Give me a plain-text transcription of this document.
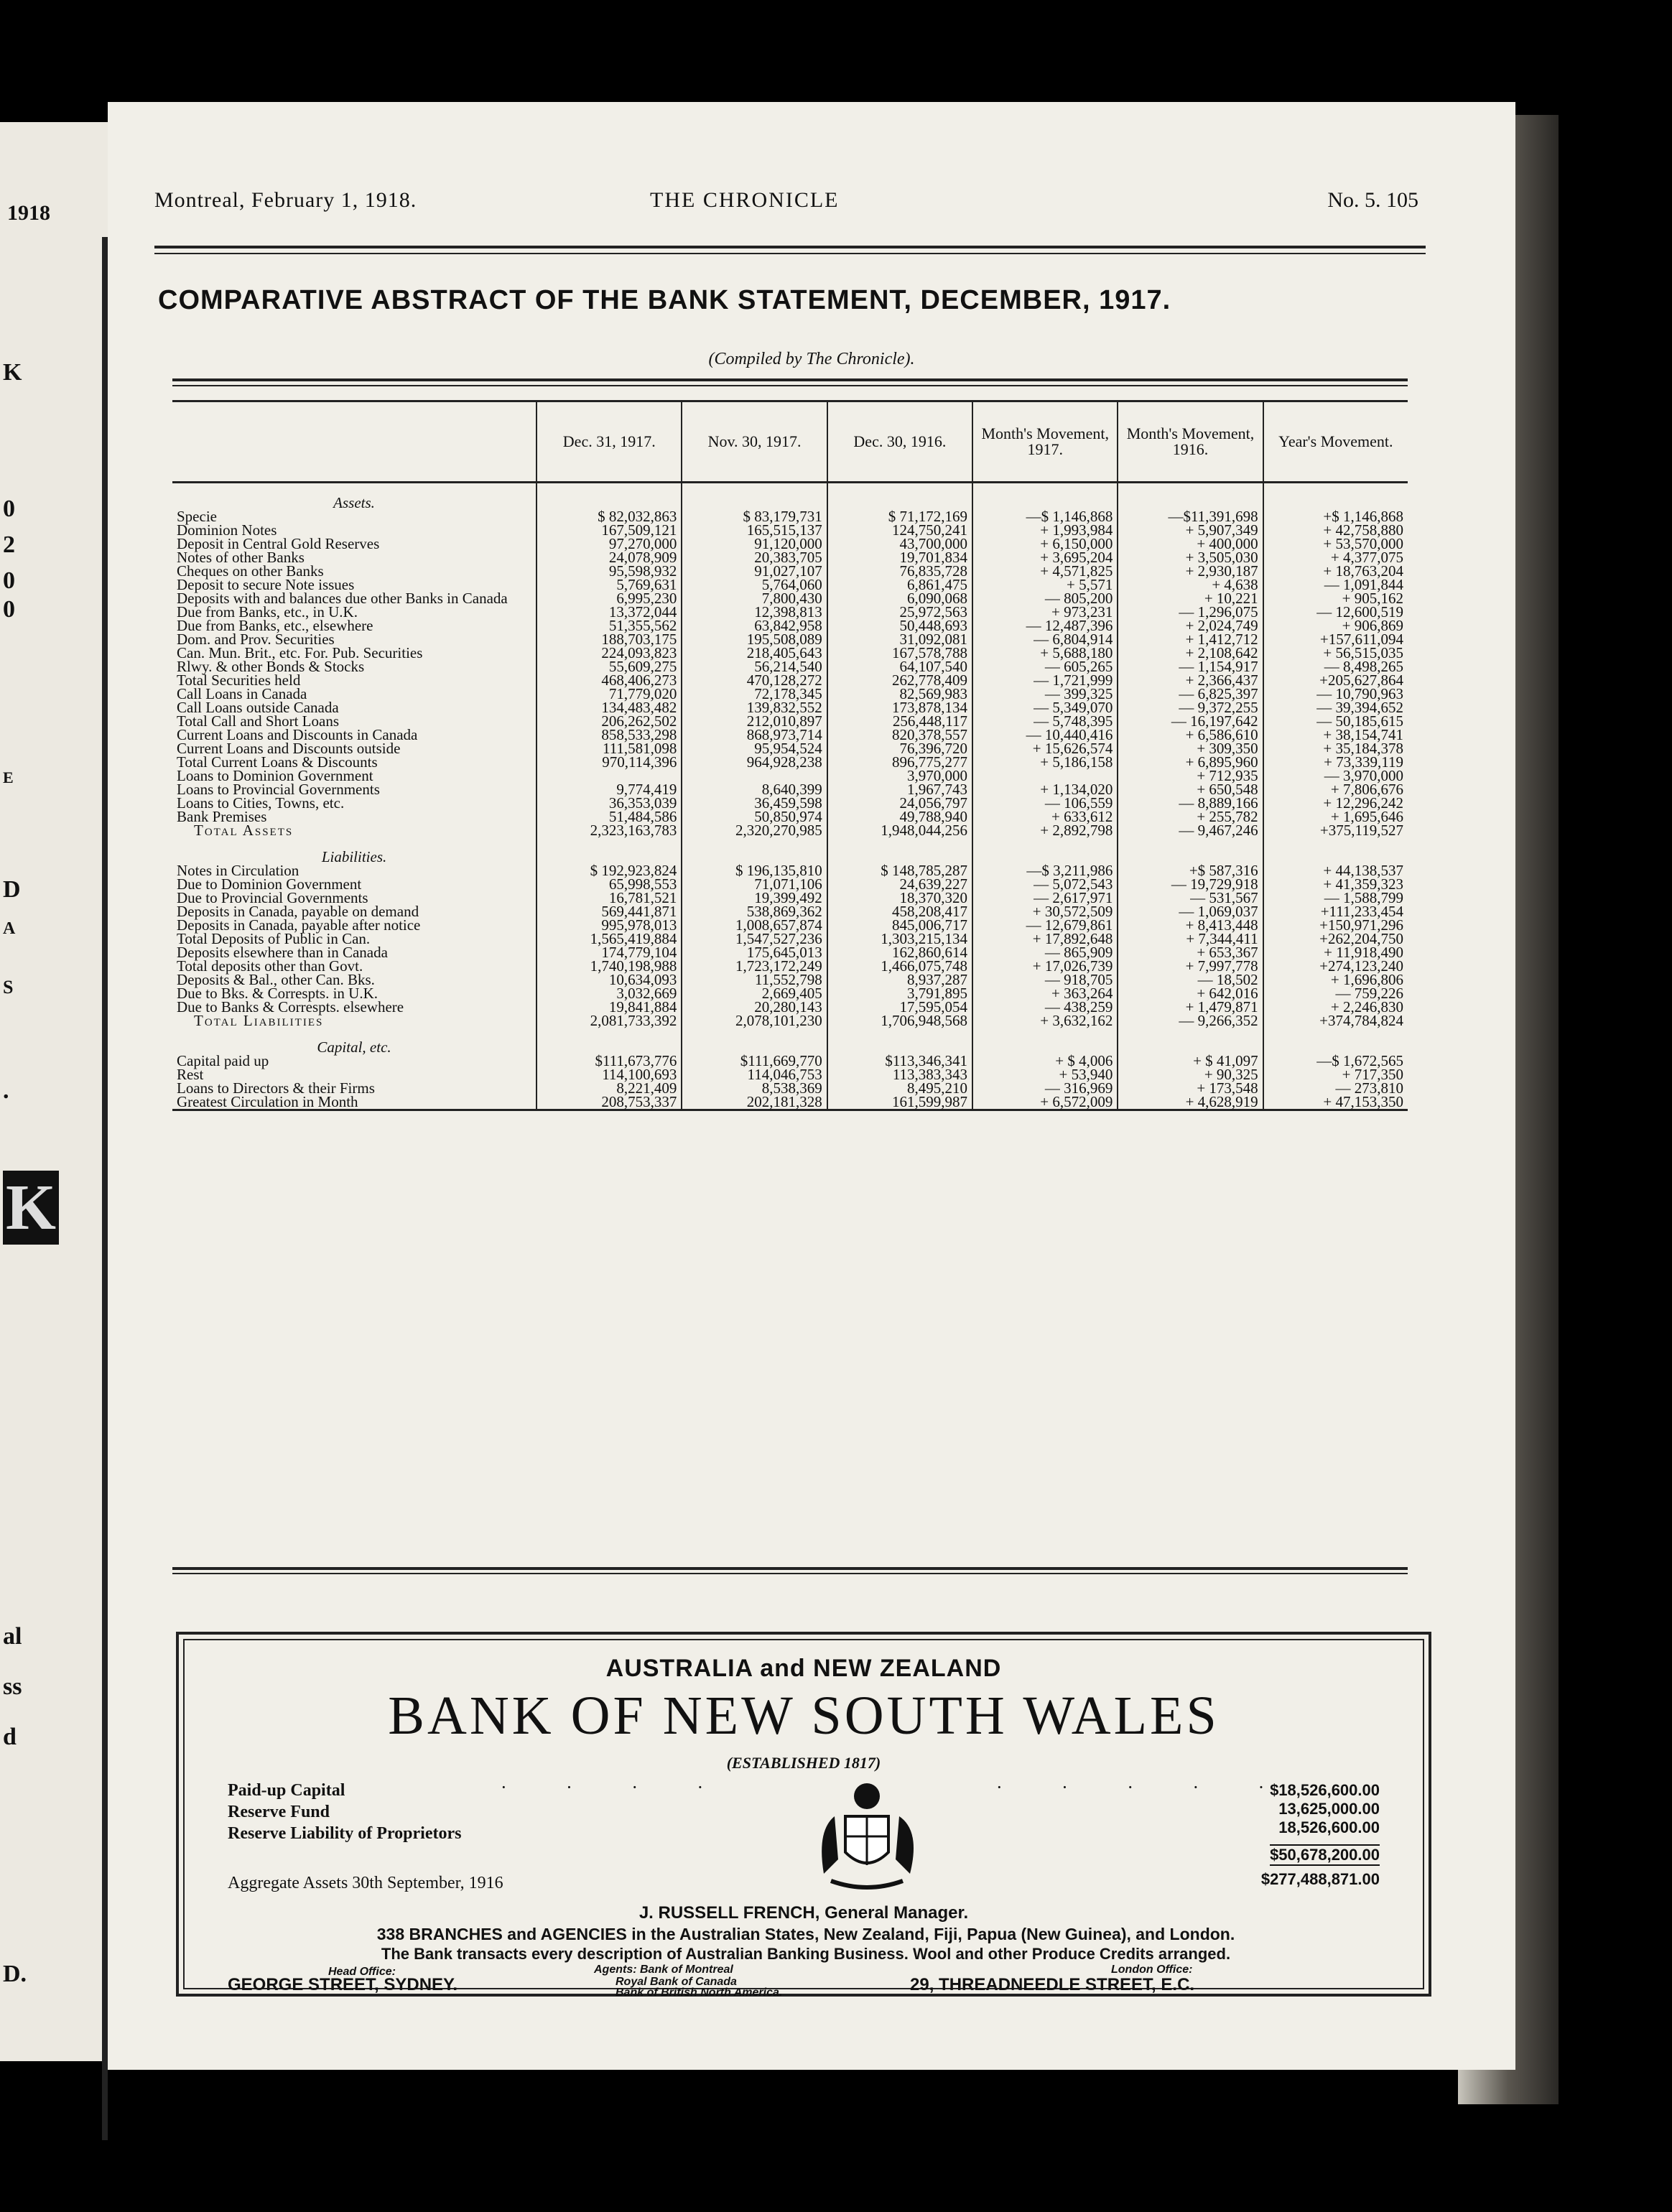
1918
K
0
2
0
0
E
D
A
S
.
K
al
ss
d
D.
Montreal, February 1, 1918.	THE CHRONICLE	No. 5. 105
COMPARATIVE ABSTRACT OF THE BANK STATEMENT, DECEMBER, 1917.
(Compiled by The Chronicle).
	Dec. 31, 1917.	Nov. 30, 1917.	Dec. 30, 1916.	Month's Movement, 1917.	Month's Movement, 1916.	Year's Movement.
Assets.						
Specie	$ 82,032,863	$ 83,179,731	$ 71,172,169	—$ 1,146,868	—$11,391,698	+$ 1,146,868
Dominion Notes	167,509,121	165,515,137	124,750,241	+ 1,993,984	+ 5,907,349	+ 42,758,880
Deposit in Central Gold Reserves	97,270,000	91,120,000	43,700,000	+ 6,150,000	+ 400,000	+ 53,570,000
Notes of other Banks	24,078,909	20,383,705	19,701,834	+ 3,695,204	+ 3,505,030	+ 4,377,075
Cheques on other Banks	95,598,932	91,027,107	76,835,728	+ 4,571,825	+ 2,930,187	+ 18,763,204
Deposit to secure Note issues	5,769,631	5,764,060	6,861,475	+ 5,571	+ 4,638	— 1,091,844
Deposits with and balances due other Banks in Canada	6,995,230	7,800,430	6,090,068	— 805,200	+ 10,221	+ 905,162
Due from Banks, etc., in U.K.	13,372,044	12,398,813	25,972,563	+ 973,231	— 1,296,075	— 12,600,519
Due from Banks, etc., elsewhere	51,355,562	63,842,958	50,448,693	— 12,487,396	+ 2,024,749	+ 906,869
Dom. and Prov. Securities	188,703,175	195,508,089	31,092,081	— 6,804,914	+ 1,412,712	+157,611,094
Can. Mun. Brit., etc. For. Pub. Securities	224,093,823	218,405,643	167,578,788	+ 5,688,180	+ 2,108,642	+ 56,515,035
Rlwy. & other Bonds & Stocks	55,609,275	56,214,540	64,107,540	— 605,265	— 1,154,917	— 8,498,265
Total Securities held	468,406,273	470,128,272	262,778,409	— 1,721,999	+ 2,366,437	+205,627,864
Call Loans in Canada	71,779,020	72,178,345	82,569,983	— 399,325	— 6,825,397	— 10,790,963
Call Loans outside Canada	134,483,482	139,832,552	173,878,134	— 5,349,070	— 9,372,255	— 39,394,652
Total Call and Short Loans	206,262,502	212,010,897	256,448,117	— 5,748,395	— 16,197,642	— 50,185,615
Current Loans and Discounts in Canada	858,533,298	868,973,714	820,378,557	— 10,440,416	+ 6,586,610	+ 38,154,741
Current Loans and Discounts outside	111,581,098	95,954,524	76,396,720	+ 15,626,574	+ 309,350	+ 35,184,378
Total Current Loans & Discounts	970,114,396	964,928,238	896,775,277	+ 5,186,158	+ 6,895,960	+ 73,339,119
Loans to Dominion Government			3,970,000		+ 712,935	— 3,970,000
Loans to Provincial Governments	9,774,419	8,640,399	1,967,743	+ 1,134,020	+ 650,548	+ 7,806,676
Loans to Cities, Towns, etc.	36,353,039	36,459,598	24,056,797	— 106,559	— 8,889,166	+ 12,296,242
Bank Premises	51,484,586	50,850,974	49,788,940	+ 633,612	+ 255,782	+ 1,695,646
Total Assets	2,323,163,783	2,320,270,985	1,948,044,256	+ 2,892,798	— 9,467,246	+375,119,527
Liabilities.						
Notes in Circulation	$ 192,923,824	$ 196,135,810	$ 148,785,287	—$ 3,211,986	+$ 587,316	+ 44,138,537
Due to Dominion Government	65,998,553	71,071,106	24,639,227	— 5,072,543	— 19,729,918	+ 41,359,323
Due to Provincial Governments	16,781,521	19,399,492	18,370,320	— 2,617,971	— 531,567	— 1,588,799
Deposits in Canada, payable on demand	569,441,871	538,869,362	458,208,417	+ 30,572,509	— 1,069,037	+111,233,454
Deposits in Canada, payable after notice	995,978,013	1,008,657,874	845,006,717	— 12,679,861	+ 8,413,448	+150,971,296
Total Deposits of Public in Can.	1,565,419,884	1,547,527,236	1,303,215,134	+ 17,892,648	+ 7,344,411	+262,204,750
Deposits elsewhere than in Canada	174,779,104	175,645,013	162,860,614	— 865,909	+ 653,367	+ 11,918,490
Total deposits other than Govt.	1,740,198,988	1,723,172,249	1,466,075,748	+ 17,026,739	+ 7,997,778	+274,123,240
Deposits & Bal., other Can. Bks.	10,634,093	11,552,798	8,937,287	— 918,705	— 18,502	+ 1,696,806
Due to Bks. & Correspts. in U.K.	3,032,669	2,669,405	3,791,895	+ 363,264	+ 642,016	— 759,226
Due to Banks & Correspts. elsewhere	19,841,884	20,280,143	17,595,054	— 438,259	+ 1,479,871	+ 2,246,830
Total Liabilities	2,081,733,392	2,078,101,230	1,706,948,568	+ 3,632,162	— 9,266,352	+374,784,824
Capital, etc.						
Capital paid up	$111,673,776	$111,669,770	$113,346,341	+ $ 4,006	+ $ 41,097	—$ 1,672,565
Rest	114,100,693	114,046,753	113,383,343	+ 53,940	+ 90,325	+ 717,350
Loans to Directors & their Firms	8,221,409	8,538,369	8,495,210	— 316,969	+ 173,548	— 273,810
Greatest Circulation in Month	208,753,337	202,181,328	161,599,987	+ 6,572,009	+ 4,628,919	+ 47,153,350
AUSTRALIA and NEW ZEALAND
BANK OF NEW SOUTH WALES
(ESTABLISHED 1817)
Paid-up Capital
Reserve Fund
Reserve Liability of Proprietors
Aggregate Assets 30th September, 1916
· · · ·	· · · · ·
$18,526,600.00
13,625,000.00
18,526,600.00
$50,678,200.00
$277,488,871.00
J. RUSSELL FRENCH, General Manager.
338 BRANCHES and AGENCIES in the Australian States, New Zealand, Fiji, Papua (New Guinea), and London.
The Bank transacts every description of Australian Banking Business. Wool and other Produce Credits arranged.
Head Office:
GEORGE STREET, SYDNEY.
Agents: Bank of Montreal
Royal Bank of Canada
Bank of British North America.
London Office:
29, THREADNEEDLE STREET, E.C.
